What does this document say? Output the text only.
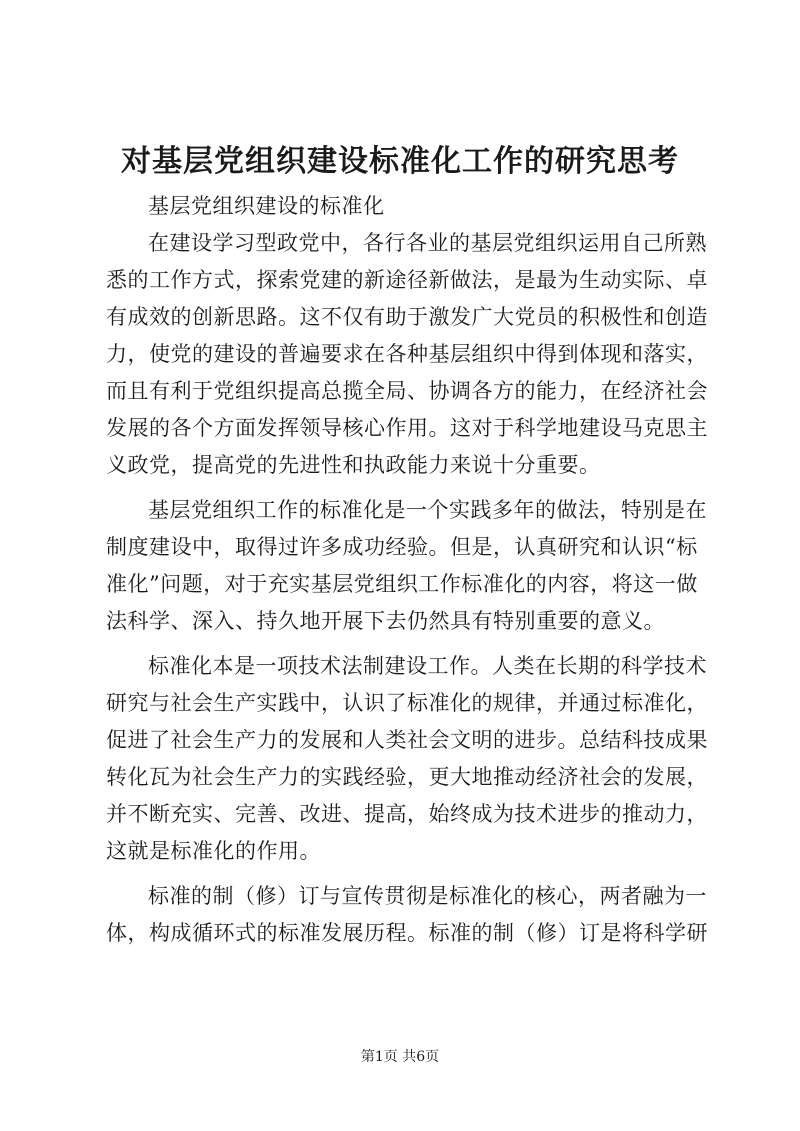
对基层党组织建设标准化工作的研究思考
基层党组织建设的标准化
在建设学习型政党中，各行各业的基层党组织运用自己所熟
悉的工作方式，探索党建的新途径新做法，是最为生动实际、卓
有成效的创新思路。这不仅有助于激发广大党员的积极性和创造
力，使党的建设的普遍要求在各种基层组织中得到体现和落实，
而且有利于党组织提高总揽全局、协调各方的能力，在经济社会
发展的各个方面发挥领导核心作用。这对于科学地建设马克思主
义政党，提高党的先进性和执政能力来说十分重要。
基层党组织工作的标准化是一个实践多年的做法，特别是在
制度建设中，取得过许多成功经验。但是，认真研究和认识“标
准化”问题，对于充实基层党组织工作标准化的内容，将这一做
法科学、深入、持久地开展下去仍然具有特别重要的意义。
标准化本是一项技术法制建设工作。人类在长期的科学技术
研究与社会生产实践中，认识了标准化的规律，并通过标准化，
促进了社会生产力的发展和人类社会文明的进步。总结科技成果
转化瓦为社会生产力的实践经验，更大地推动经济社会的发展，
并不断充实、完善、改进、提高，始终成为技术进步的推动力，
这就是标准化的作用。
标准的制（修）订与宣传贯彻是标准化的核心，两者融为一
体，构成循环式的标准发展历程。标准的制（修）订是将科学研
第1页 共6页
